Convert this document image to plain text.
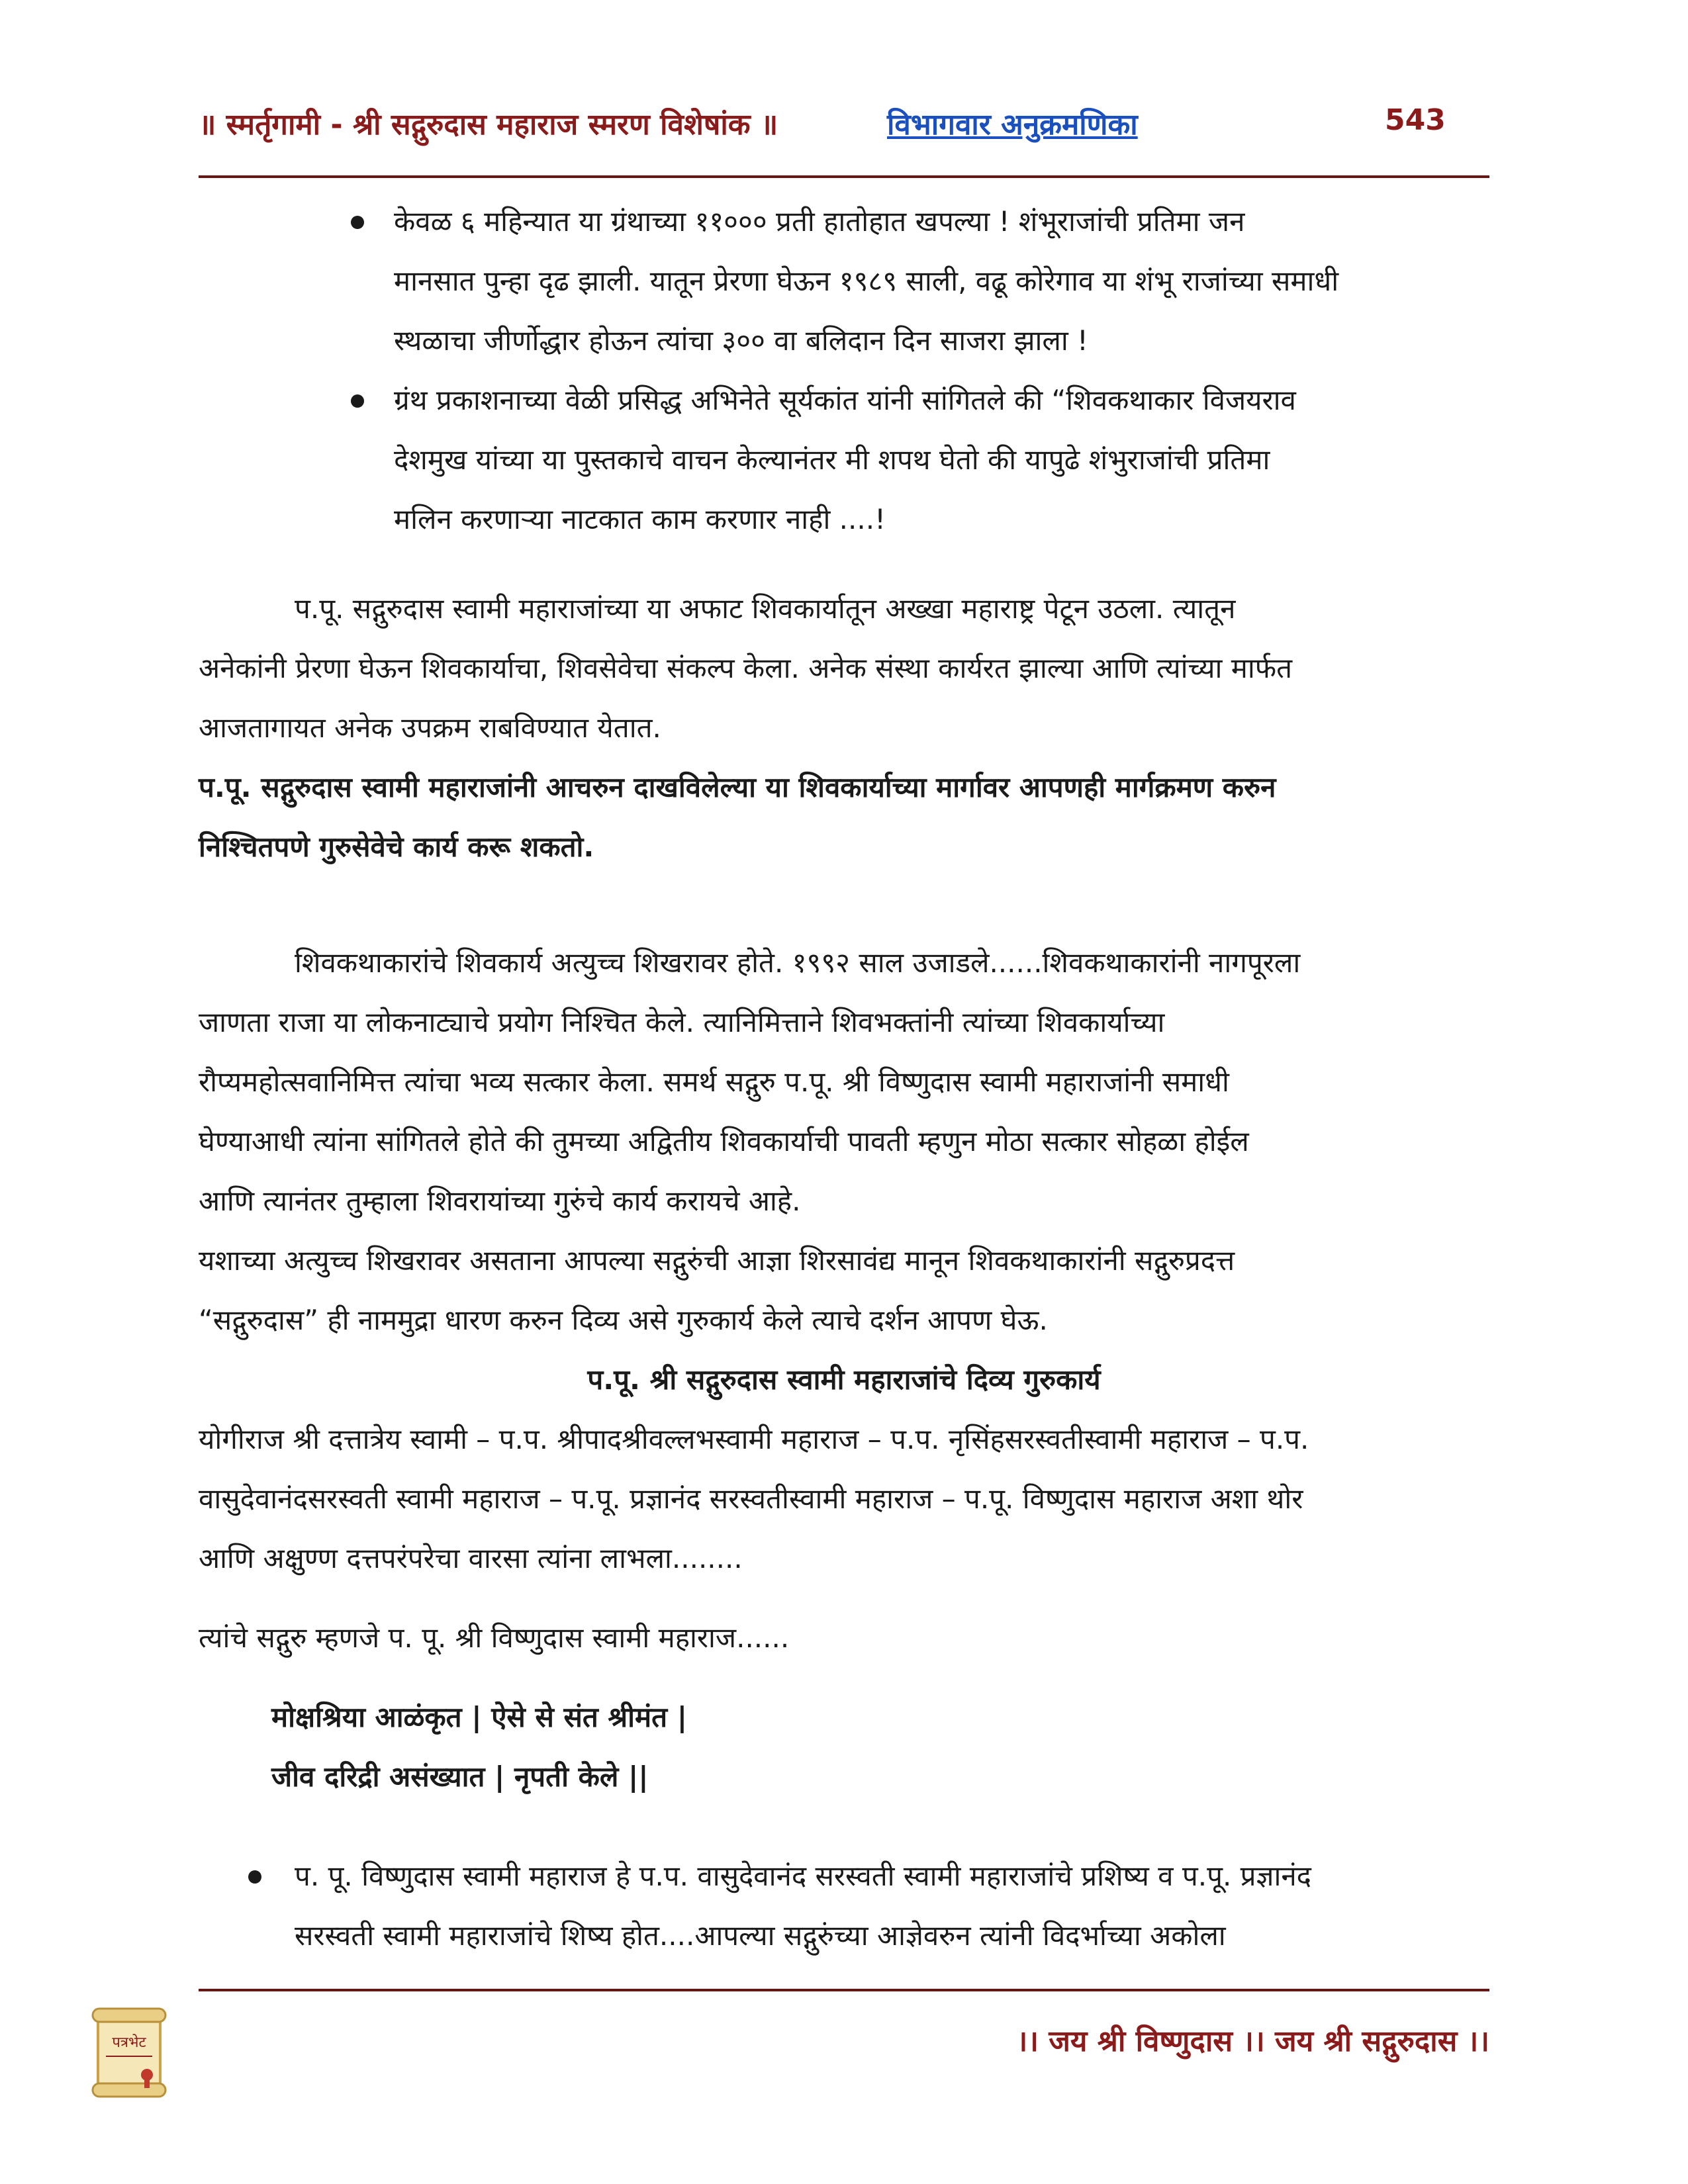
॥ स्मर्तृगामी - श्री सद्गुरुदास महाराज स्मरण विशेषांक ॥	विभागवार अनुक्रमणिका	543
केवळ ६ महिन्यात या ग्रंथाच्या ११००० प्रती हातोहात खपल्या ! शंभूराजांची प्रतिमा जन
मानसात पुन्हा दृढ झाली. यातून प्रेरणा घेऊन १९८९ साली, वढू कोरेगाव या शंभू राजांच्या समाधी
स्थळाचा जीर्णोद्धार होऊन त्यांचा ३०० वा बलिदान दिन साजरा झाला !
ग्रंथ प्रकाशनाच्या वेळी प्रसिद्ध अभिनेते सूर्यकांत यांनी सांगितले की “शिवकथाकार विजयराव
देशमुख यांच्या या पुस्तकाचे वाचन केल्यानंतर मी शपथ घेतो की यापुढे शंभुराजांची प्रतिमा
मलिन करणाऱ्या नाटकात काम करणार नाही ....!
प.पू. सद्गुरुदास स्वामी महाराजांच्या या अफाट शिवकार्यातून अख्खा महाराष्ट्र पेटून उठला. त्यातून
अनेकांनी प्रेरणा घेऊन शिवकार्याचा, शिवसेवेचा संकल्प केला. अनेक संस्था कार्यरत झाल्या आणि त्यांच्या मार्फत
आजतागायत अनेक उपक्रम राबविण्यात येतात.
प.पू. सद्गुरुदास स्वामी महाराजांनी आचरुन दाखविलेल्या या शिवकार्याच्या मार्गावर आपणही मार्गक्रमण करुन
निश्चितपणे गुरुसेवेचे कार्य करू शकतो.
शिवकथाकारांचे शिवकार्य अत्युच्च शिखरावर होते. १९९२ साल उजाडले......शिवकथाकारांनी नागपूरला
जाणता राजा या लोकनाट्याचे प्रयोग निश्चित केले. त्यानिमित्ताने शिवभक्तांनी त्यांच्या शिवकार्याच्या
रौप्यमहोत्सवानिमित्त त्यांचा भव्य सत्कार केला. समर्थ सद्गुरु प.पू. श्री विष्णुदास स्वामी महाराजांनी समाधी
घेण्याआधी त्यांना सांगितले होते की तुमच्या अद्वितीय शिवकार्याची पावती म्हणुन मोठा सत्कार सोहळा होईल
आणि त्यानंतर तुम्हाला शिवरायांच्या गुरुंचे कार्य करायचे आहे.
यशाच्या अत्युच्च शिखरावर असताना आपल्या सद्गुरुंची आज्ञा शिरसावंद्य मानून शिवकथाकारांनी सद्गुरुप्रदत्त
“सद्गुरुदास” ही नाममुद्रा धारण करुन दिव्य असे गुरुकार्य केले त्याचे दर्शन आपण घेऊ.
प.पू. श्री सद्गुरुदास स्वामी महाराजांचे दिव्य गुरुकार्य
योगीराज श्री दत्तात्रेय स्वामी – प.प. श्रीपादश्रीवल्लभस्वामी महाराज – प.प. नृसिंहसरस्वतीस्वामी महाराज – प.प.
वासुदेवानंदसरस्वती स्वामी महाराज – प.पू. प्रज्ञानंद सरस्वतीस्वामी महाराज – प.पू. विष्णुदास महाराज अशा थोर
आणि अक्षुण्ण दत्तपरंपरेचा वारसा त्यांना लाभला........
त्यांचे सद्गुरु म्हणजे प. पू. श्री विष्णुदास स्वामी महाराज......
मोक्षश्रिया आळंकृत | ऐसे से संत श्रीमंत |
जीव दरिद्री असंख्यात | नृपती केले ||
प. पू. विष्णुदास स्वामी महाराज हे प.प. वासुदेवानंद सरस्वती स्वामी महाराजांचे प्रशिष्य व प.पू. प्रज्ञानंद
सरस्वती स्वामी महाराजांचे शिष्य होत....आपल्या सद्गुरुंच्या आज्ञेवरुन त्यांनी विदर्भाच्या अकोला
।। जय श्री विष्णुदास ।। जय श्री सद्गुरुदास ।।
पत्रभेट
